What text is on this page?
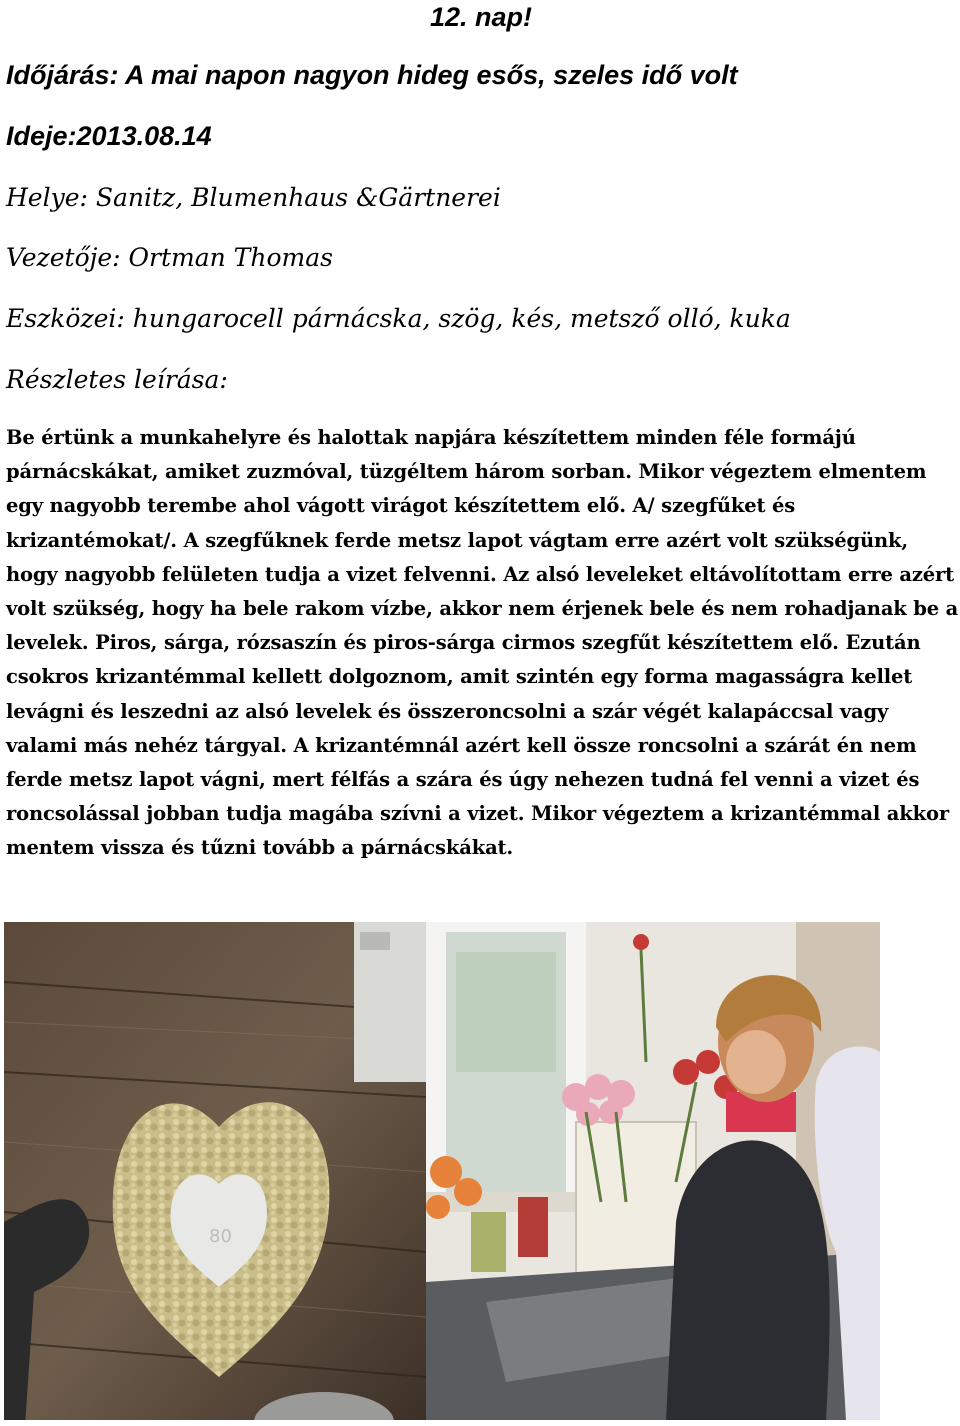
12. nap!

Időjárás: A mai napon nagyon hideg esős, szeles idő volt

Ideje:2013.08.14

Helye: Sanitz, Blumenhaus &Gärtnerei

Vezetője: Ortman Thomas

Eszközei: hungarocell párnácska, szög, kés, metsző olló, kuka

Részletes leírása:

Be értünk a munkahelyre és halottak napjára készítettem minden féle formájú párnácskákat, amiket zuzmóval, tüzgéltem három sorban. Mikor végeztem elmentem egy nagyobb terembe ahol vágott virágot készítettem elő. A/ szegfűket és krizantémokat/. A szegfűknek ferde metsz lapot vágtam erre azért volt szükségünk, hogy nagyobb felületen tudja a vizet felvenni. Az alsó leveleket eltávolítottam erre azért volt szükség, hogy ha bele rakom vízbe, akkor nem érjenek bele és nem rohadjanak be a levelek. Piros, sárga, rózsaszín és piros-sárga cirmos szegfűt készítettem elő. Ezután csokros krizantémmal kellett dolgoznom, amit szintén egy forma magasságra kellet levágni és leszedni az alsó levelek és összeroncsolni a szár végét kalapáccsal vagy valami más nehéz tárgyal. A krizantémnál azért kell össze roncsolni a szárát én nem ferde metsz lapot vágni, mert félfás a szára és úgy nehezen tudná fel venni a vizet és roncsolással jobban tudja magába szívni a vizet. Mikor végeztem a krizantémmal akkor mentem vissza és tűzni tovább a párnácskákat.

80
